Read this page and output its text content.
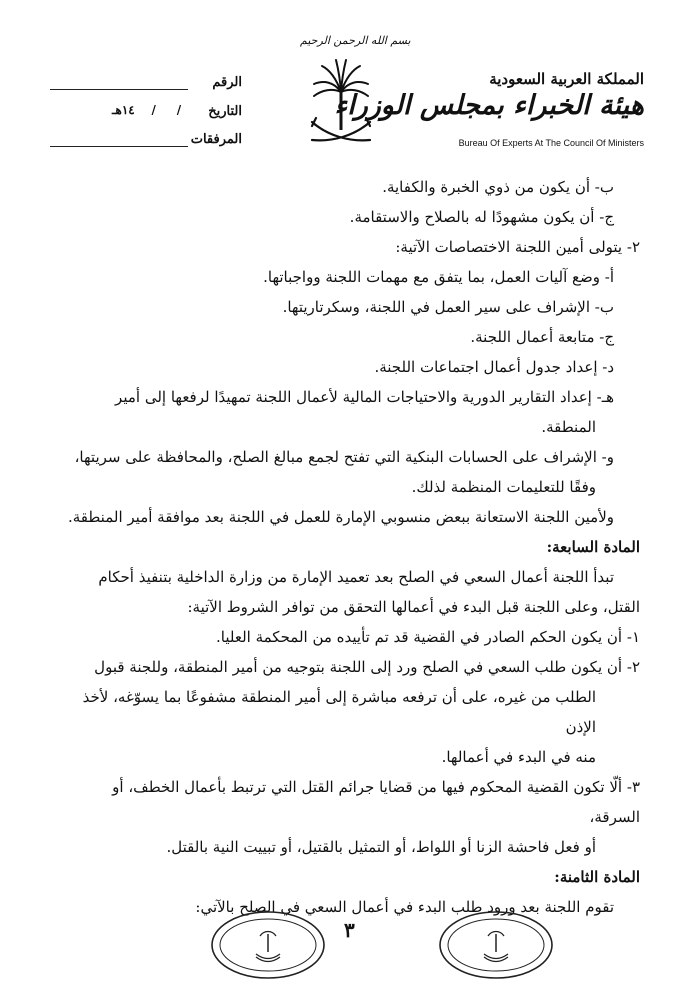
بسم الله الرحمن الرحيم
المملكة العربية السعودية
هيئة الخبراء بمجلس الوزراء
Bureau Of Experts At The Council Of Ministers
الرقم
التاريخ
/     /    ١٤هـ
المرفقات

ب- أن يكون من ذوي الخبرة والكفاية.

ج- أن يكون مشهودًا له بالصلاح والاستقامة.

٢- يتولى أمين اللجنة الاختصاصات الآتية:

أ- وضع آليات العمل، بما يتفق مع مهمات اللجنة وواجباتها.

ب- الإشراف على سير العمل في اللجنة، وسكرتاريتها.

ج- متابعة أعمال اللجنة.

د- إعداد جدول أعمال اجتماعات اللجنة.

هـ- إعداد التقارير الدورية والاحتياجات المالية لأعمال اللجنة تمهيدًا لرفعها إلى أمير

المنطقة.

و- الإشراف على الحسابات البنكية التي تفتح لجمع مبالغ الصلح، والمحافظة على سريتها،

وفقًا للتعليمات المنظمة لذلك.

ولأمين اللجنة الاستعانة ببعض منسوبي الإمارة للعمل في اللجنة بعد موافقة أمير المنطقة.

المادة السابعة:

تبدأ اللجنة أعمال السعي في الصلح بعد تعميد الإمارة من وزارة الداخلية بتنفيذ أحكام

القتل، وعلى اللجنة قبل البدء في أعمالها التحقق من توافر الشروط الآتية:

١- أن يكون الحكم الصادر في القضية قد تم تأييده من المحكمة العليا.

٢- أن يكون طلب السعي في الصلح ورد إلى اللجنة بتوجيه من أمير المنطقة، وللجنة قبول

الطلب من غيره، على أن ترفعه مباشرة إلى أمير المنطقة مشفوعًا بما يسوّغه، لأخذ الإذن

منه في البدء في أعمالها.

٣- ألّا تكون القضية المحكوم فيها من قضايا جرائم القتل التي ترتبط بأعمال الخطف، أو السرقة،

أو فعل فاحشة الزنا أو اللواط، أو التمثيل بالقتيل، أو تبييت النية بالقتل.

المادة الثامنة:

تقوم اللجنة بعد ورود طلب البدء في أعمال السعي في الصلح بالآتي:

٣
